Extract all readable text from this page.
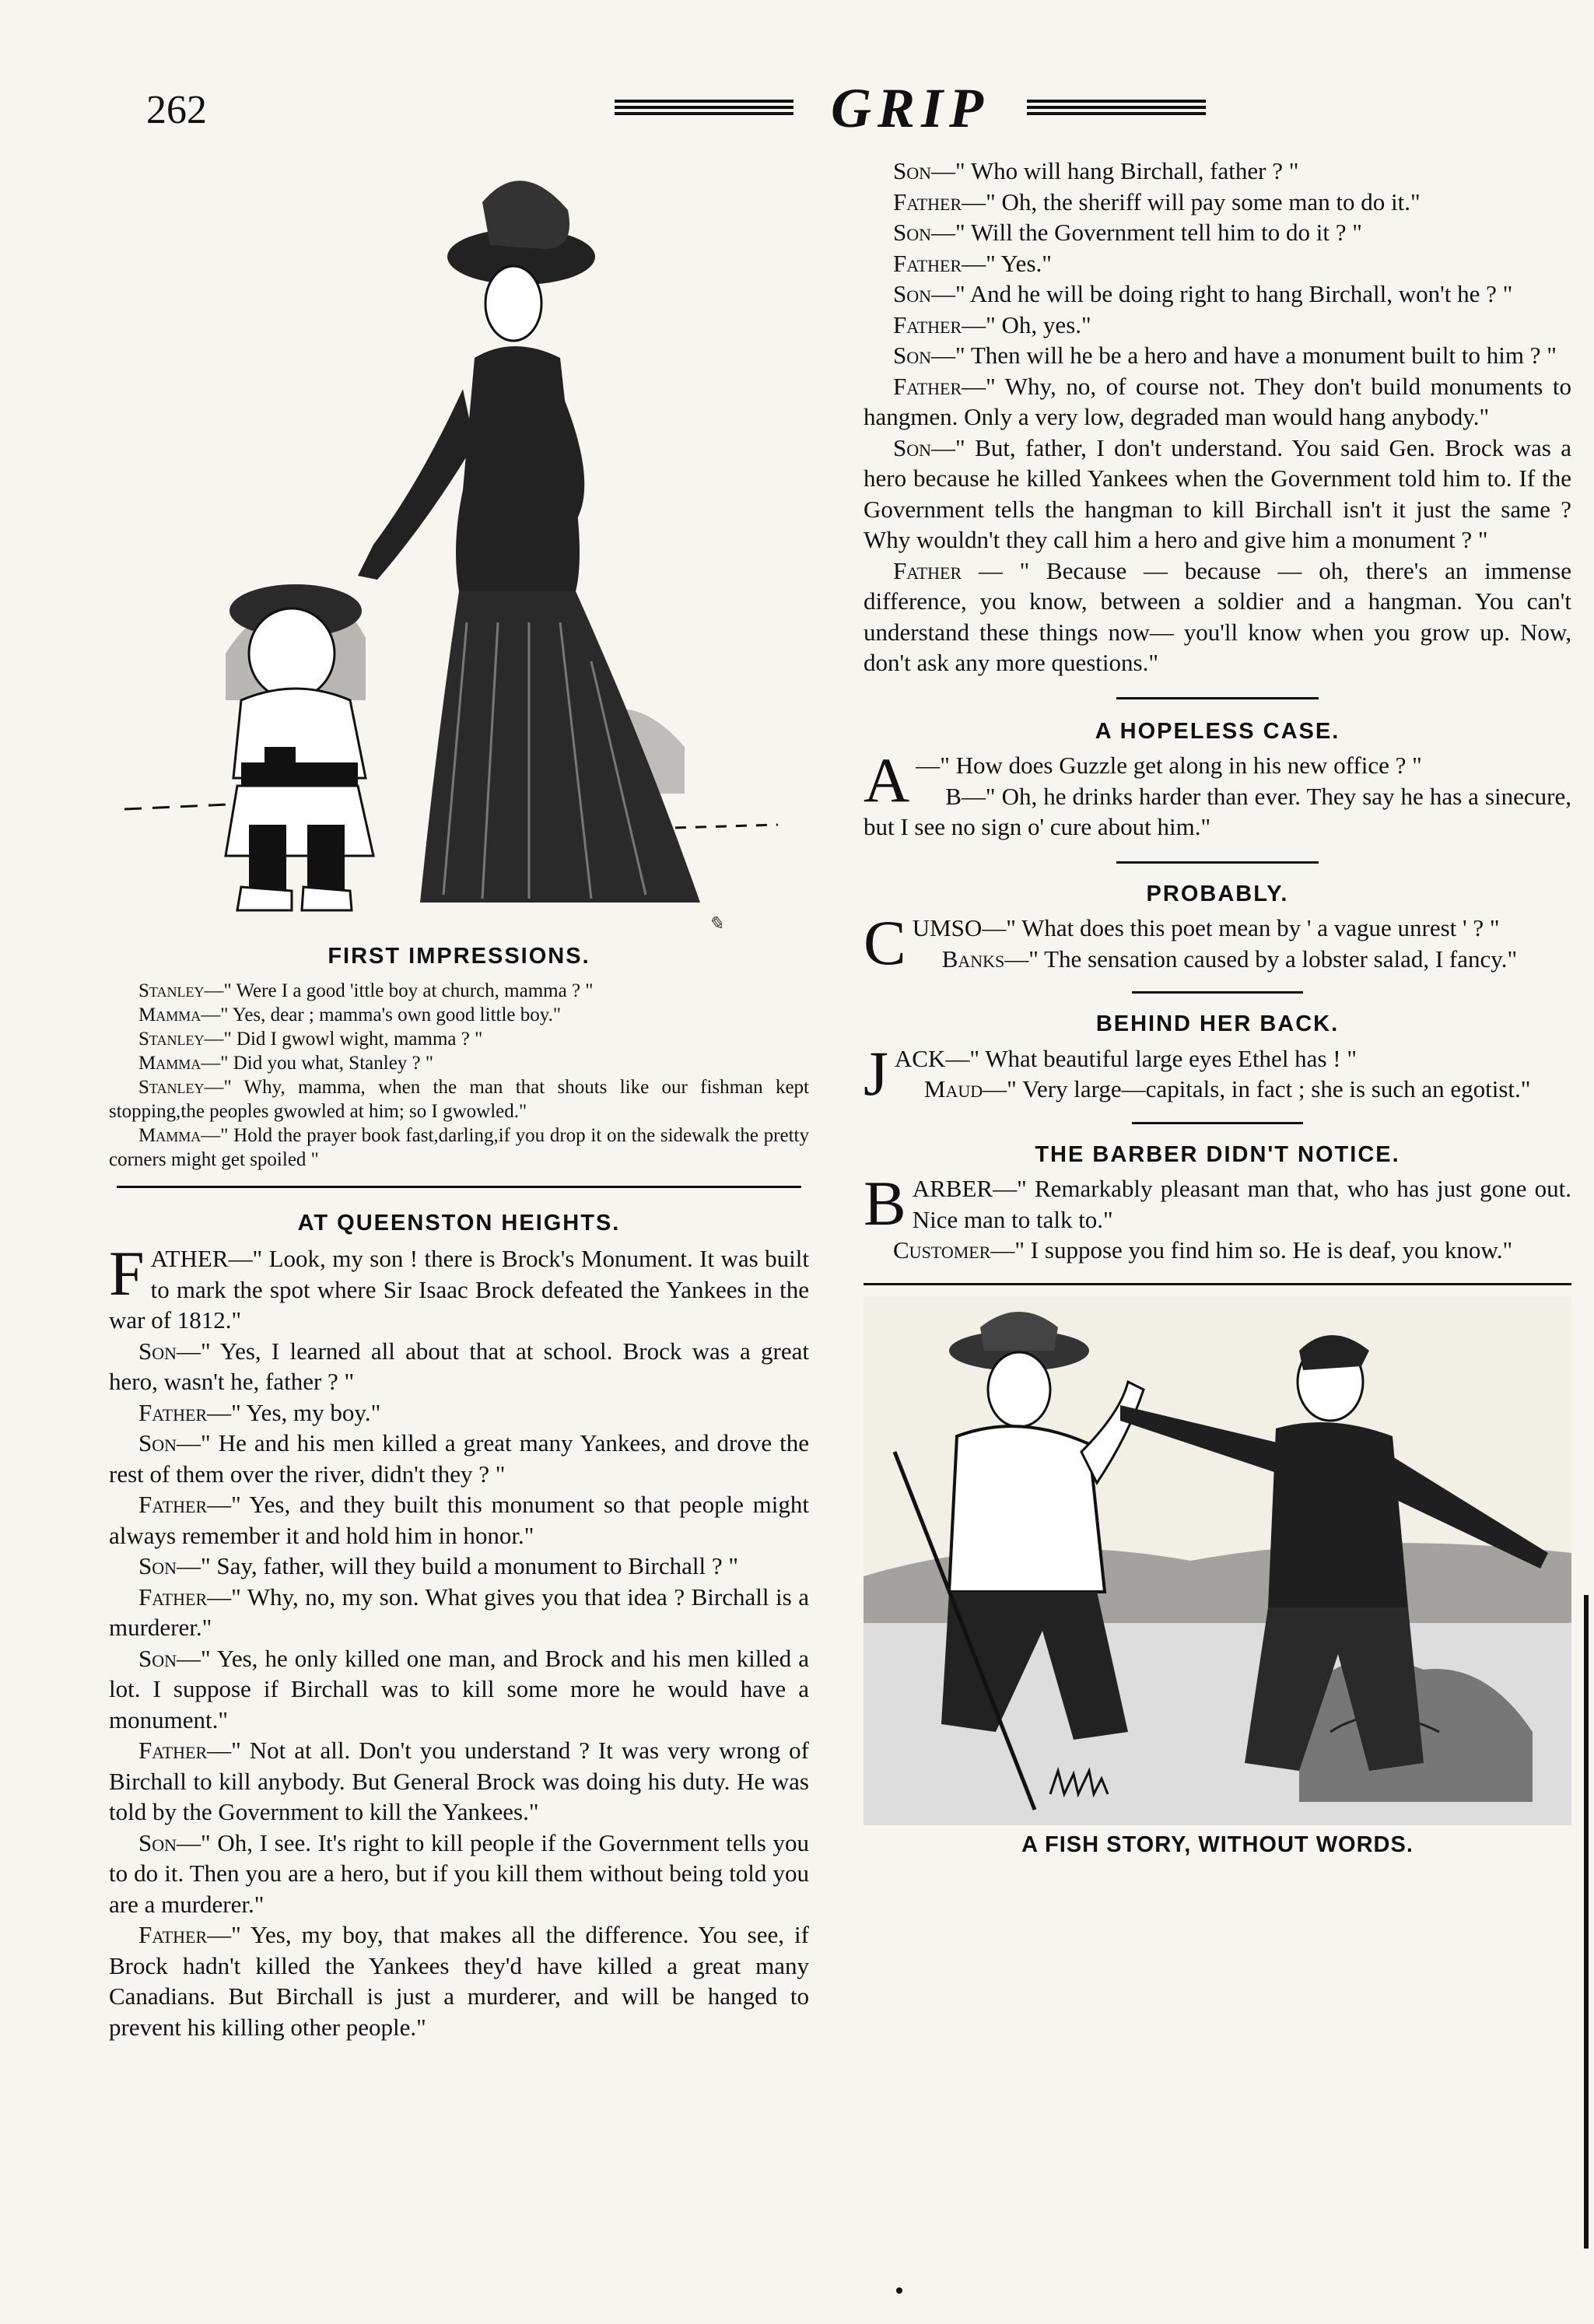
262	GRIP
✎
FIRST IMPRESSIONS.

Stanley—" Were I a good 'ittle boy at church, mamma ? "

Mamma—" Yes, dear ; mamma's own good little boy."

Stanley—" Did I gwowl wight, mamma ? "

Mamma—" Did you what, Stanley ? "

Stanley—" Why, mamma, when the man that shouts like our fishman kept stopping,the peoples gwowled at him; so I gwowled."

Mamma—" Hold the prayer book fast,darling,if you drop it on the sidewalk the pretty corners might get spoiled "

AT QUEENSTON HEIGHTS.

FATHER—" Look, my son ! there is Brock's Monument. It was built to mark the spot where Sir Isaac Brock defeated the Yankees in the war of 1812."

Son—" Yes, I learned all about that at school. Brock was a great hero, wasn't he, father ? "

Father—" Yes, my boy."

Son—" He and his men killed a great many Yankees, and drove the rest of them over the river, didn't they ? "

Father—" Yes, and they built this monument so that people might always remember it and hold him in honor."

Son—" Say, father, will they build a monument to Birchall ? "

Father—" Why, no, my son. What gives you that idea ? Birchall is a murderer."

Son—" Yes, he only killed one man, and Brock and his men killed a lot. I suppose if Birchall was to kill some more he would have a monument."

Father—" Not at all. Don't you understand ? It was very wrong of Birchall to kill anybody. But General Brock was doing his duty. He was told by the Government to kill the Yankees."

Son—" Oh, I see. It's right to kill people if the Government tells you to do it. Then you are a hero, but if you kill them without being told you are a murderer."

Father—" Yes, my boy, that makes all the difference. You see, if Brock hadn't killed the Yankees they'd have killed a great many Canadians. But Birchall is just a murderer, and will be hanged to prevent his killing other people."

Son—" Who will hang Birchall, father ? "

Father—" Oh, the sheriff will pay some man to do it."

Son—" Will the Government tell him to do it ? "

Father—" Yes."

Son—" And he will be doing right to hang Birchall, won't he ? "

Father—" Oh, yes."

Son—" Then will he be a hero and have a monument built to him ? "

Father—" Why, no, of course not. They don't build monuments to hangmen. Only a very low, degraded man would hang anybody."

Son—" But, father, I don't understand. You said Gen. Brock was a hero because he killed Yankees when the Government told him to. If the Government tells the hangman to kill Birchall isn't it just the same ? Why wouldn't they call him a hero and give him a monument ? "

Father — " Because — because — oh, there's an immense difference, you know, between a soldier and a hangman. You can't understand these things now— you'll know when you grow up. Now, don't ask any more questions."

A HOPELESS CASE.

A —" How does Guzzle get along in his new office ? "

B—" Oh, he drinks harder than ever. They say he has a sinecure, but I see no sign o' cure about him."

PROBABLY.

CUMSO—" What does this poet mean by ' a vague unrest ' ? "

Banks—" The sensation caused by a lobster salad, I fancy."

BEHIND HER BACK.

JACK—" What beautiful large eyes Ethel has ! "

Maud—" Very large—capitals, in fact ; she is such an egotist."

THE BARBER DIDN'T NOTICE.

BARBER—" Remarkably pleasant man that, who has just gone out. Nice man to talk to."

Customer—" I suppose you find him so. He is deaf, you know."

A FISH STORY, WITHOUT WORDS.
